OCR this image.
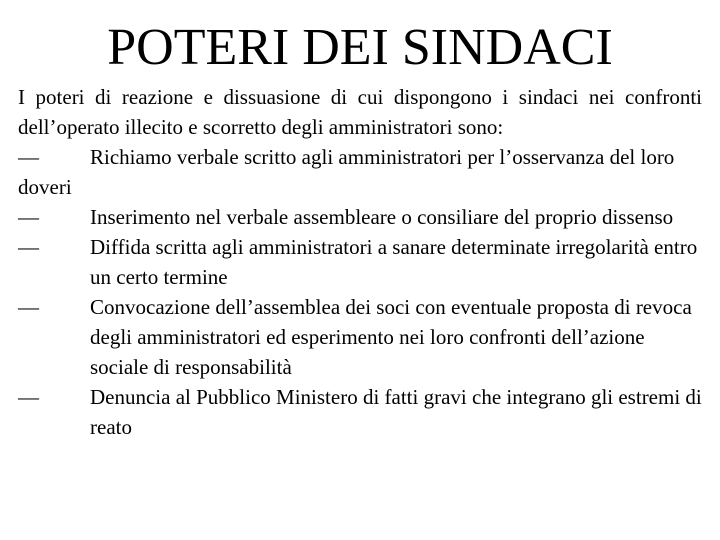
POTERI DEI SINDACI

I poteri di reazione e dissuasione di cui dispongono i sindaci nei confronti dell’operato illecito e scorretto degli amministratori sono:

––	Richiamo verbale scritto agli amministratori per l’osservanza del loro doveri

––	Inserimento nel verbale assembleare o consiliare del proprio dissenso

––	Diffida scritta agli amministratori a sanare determinate irregolarità entro un certo termine

––	Convocazione dell’assemblea dei soci con eventuale proposta di revoca degli amministratori ed esperimento nei loro confronti dell’azione sociale di responsabilità

––	Denuncia al Pubblico Ministero di fatti gravi che integrano gli estremi di reato
